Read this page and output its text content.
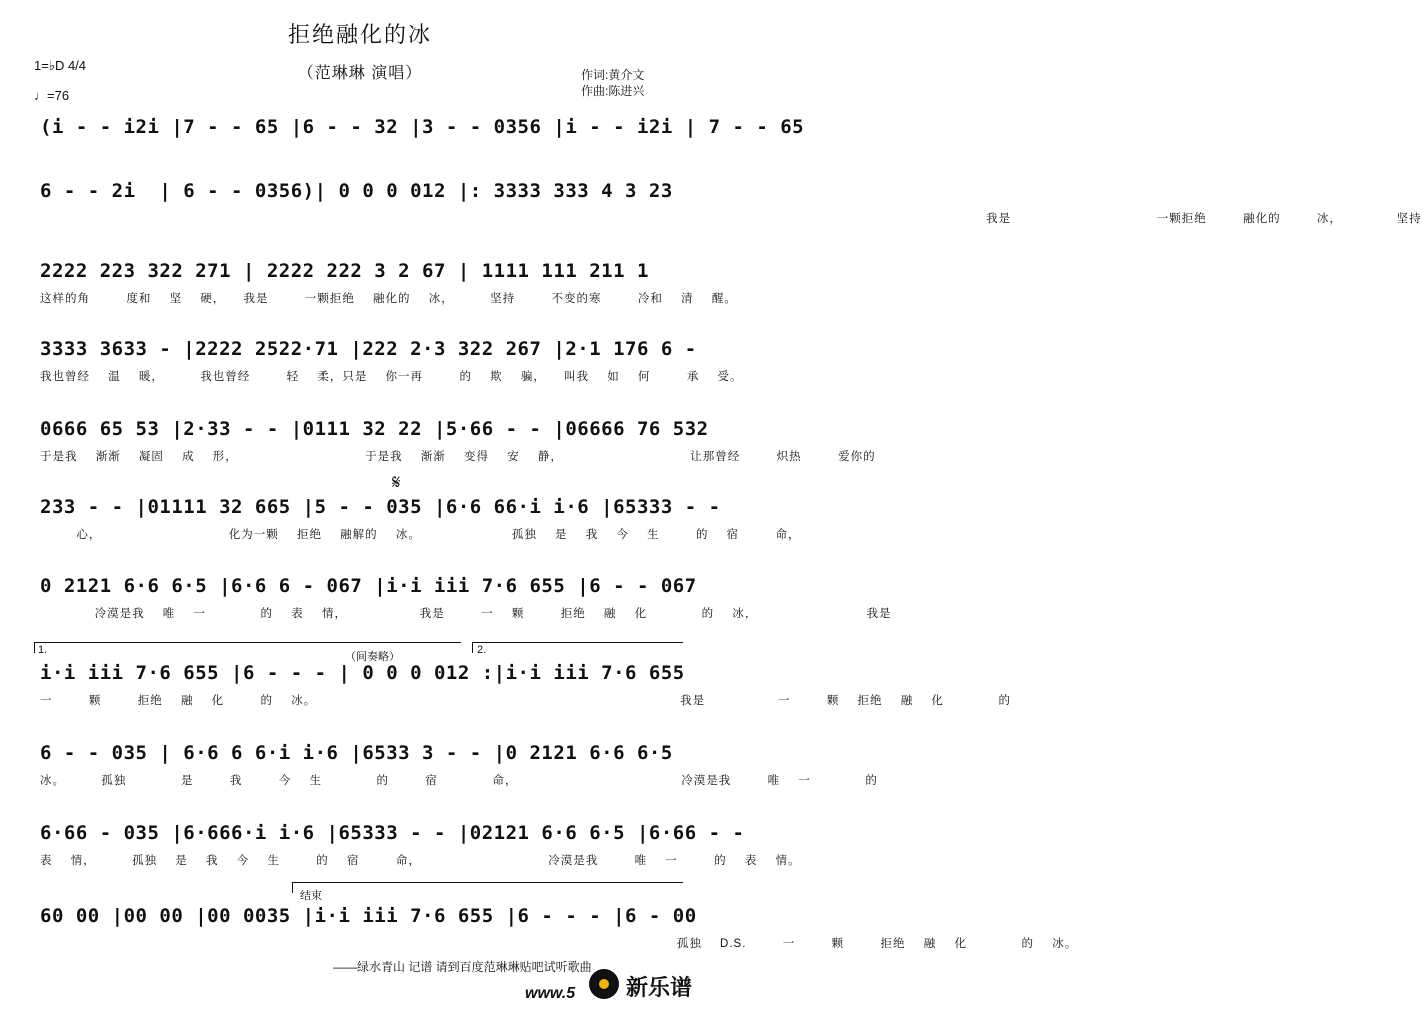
拒绝融化的冰
（范琳琳 演唱）	作词:黄介文
作曲:陈进兴
1=♭D 4/4
♩=76
(i - - i2i |7 - - 65 |6 - - 32 |3 - - 0356 |i - - i2i | 7 - - 65
6 - - 2i  | 6 - - 0356)| 0 0 0 012 |: 3333 333 4 3 23
我是        一颗拒绝  融化的  冰，   坚持
2222 223 322 271 | 2222 222 3 2 67 | 1111 111 211 1
这样的角  度和 坚 硬， 我是  一颗拒绝 融化的 冰，  坚持  不变的寒  冷和 清 醒。
3333 3633 - |2222 2522·71 |222 2·3 322 267 |2·1 176 6 -
我也曾经 温 暖，  我也曾经  轻 柔，只是 你一再  的 欺 骗， 叫我 如 何  承 受。
0666 65 53 |2·33 - - |0111 32 22 |5·66 - - |06666 76 532
于是我 渐渐 凝固 成 形，       于是我 渐渐 变得 安 静，       让那曾经  炽热  爱你的
𝄋
233 - - |01111 32 665 |5 - - 035 |6·6 66·i i·6 |65333 - -
心，       化为一颗 拒绝 融解的 冰。     孤独 是 我 今 生  的 宿  命，
0 2121 6·6 6·5 |6·6 6 - 067 |i·i iii 7·6 655 |6 - - 067
冷漠是我 唯 一   的 表 情，    我是  一 颗  拒绝 融 化   的 冰，      我是
1.
（间奏略）
2.
i·i iii 7·6 655 |6 - - - | 0 0 0 012 :|i·i iii 7·6 655
一  颗  拒绝 融 化  的 冰。                    我是    一  颗 拒绝 融 化   的
6 - - 035 | 6·6 6 6·i i·6 |6533 3 - - |0 2121 6·6 6·5
冰。  孤独   是  我  今 生   的  宿   命，         冷漠是我  唯 一   的
6·66 - 035 |6·666·i i·6 |65333 - - |02121 6·6 6·5 |6·66 - -
表 情，  孤独 是 我 今 生  的 宿  命，       冷漠是我  唯 一  的 表 情。
结束
60 00 |00 00 |00 0035 |i·i iii 7·6 655 |6 - - - |6 - 00
孤独 D.S.  一  颗  拒绝 融 化   的 冰。
——绿水青山 记谱 请到百度范琳琳贴吧试听歌曲
www.5 新乐谱
